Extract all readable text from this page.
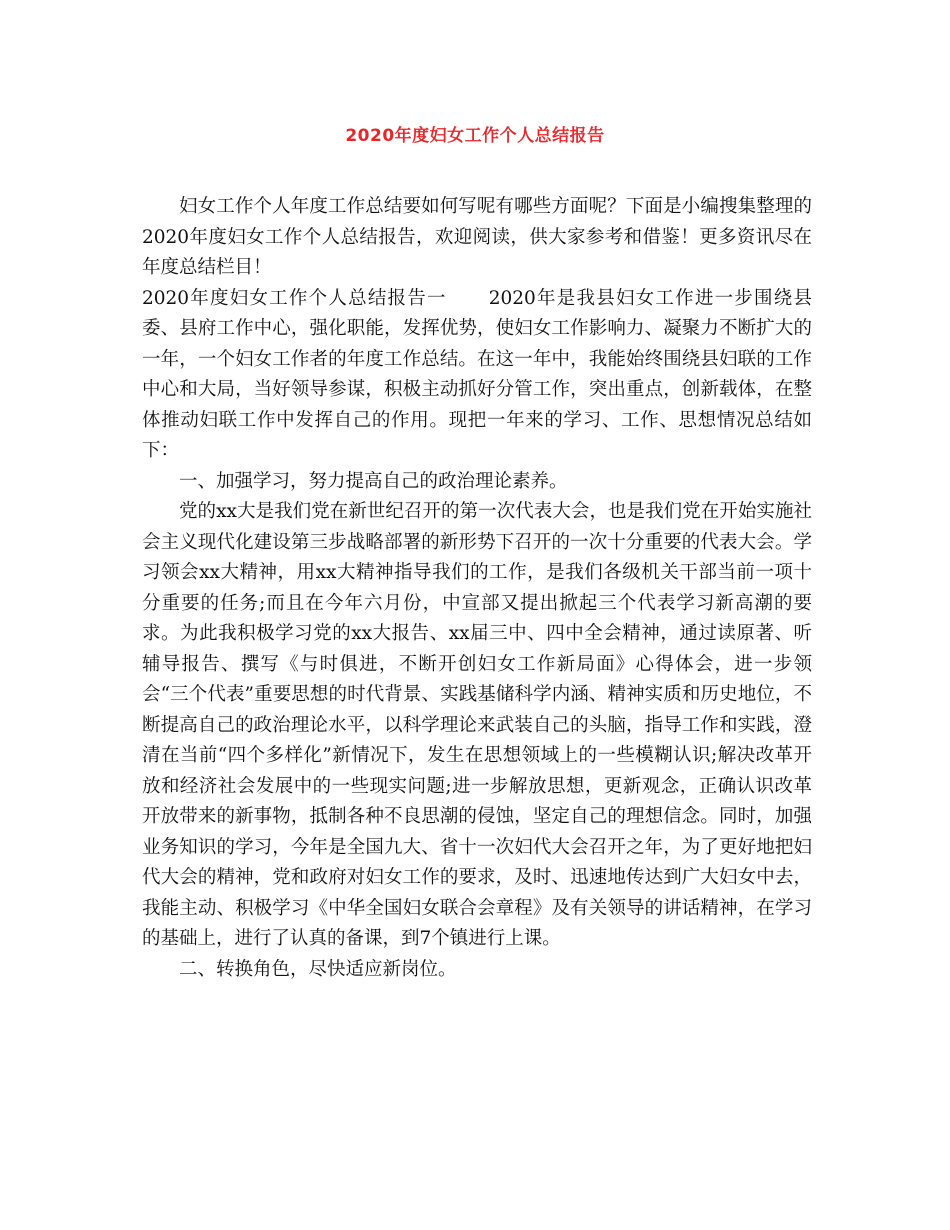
2020年度妇女工作个人总结报告

妇女工作个人年度工作总结要如何写呢有哪些方面呢？下面是小编搜集整理的2020年度妇女工作个人总结报告，欢迎阅读，供大家参考和借鉴！更多资讯尽在年度总结栏目！

2020年度妇女工作个人总结报告一 2020年是我县妇女工作进一步围绕县委、县府工作中心，强化职能，发挥优势，使妇女工作影响力、凝聚力不断扩大的一年，一个妇女工作者的年度工作总结。在这一年中，我能始终围绕县妇联的工作中心和大局，当好领导参谋，积极主动抓好分管工作，突出重点，创新载体，在整体推动妇联工作中发挥自己的作用。现把一年来的学习、工作、思想情况总结如下：

一、加强学习，努力提高自己的政治理论素养。

党的xx大是我们党在新世纪召开的第一次代表大会，也是我们党在开始实施社会主义现代化建设第三步战略部署的新形势下召开的一次十分重要的代表大会。学习领会xx大精神，用xx大精神指导我们的工作，是我们各级机关干部当前一项十分重要的任务;而且在今年六月份，中宣部又提出掀起三个代表学习新高潮的要求。为此我积极学习党的xx大报告、xx届三中、四中全会精神，通过读原著、听辅导报告、撰写《与时俱进，不断开创妇女工作新局面》心得体会，进一步领会“三个代表”重要思想的时代背景、实践基储科学内涵、精神实质和历史地位，不断提高自己的政治理论水平，以科学理论来武装自己的头脑，指导工作和实践，澄清在当前“四个多样化”新情况下，发生在思想领域上的一些模糊认识;解决改革开放和经济社会发展中的一些现实问题;进一步解放思想，更新观念，正确认识改革开放带来的新事物，抵制各种不良思潮的侵蚀，坚定自己的理想信念。同时，加强业务知识的学习，今年是全国九大、省十一次妇代大会召开之年，为了更好地把妇代大会的精神，党和政府对妇女工作的要求，及时、迅速地传达到广大妇女中去，我能主动、积极学习《中华全国妇女联合会章程》及有关领导的讲话精神，在学习的基础上，进行了认真的备课，到7个镇进行上课。

二、转换角色，尽快适应新岗位。
